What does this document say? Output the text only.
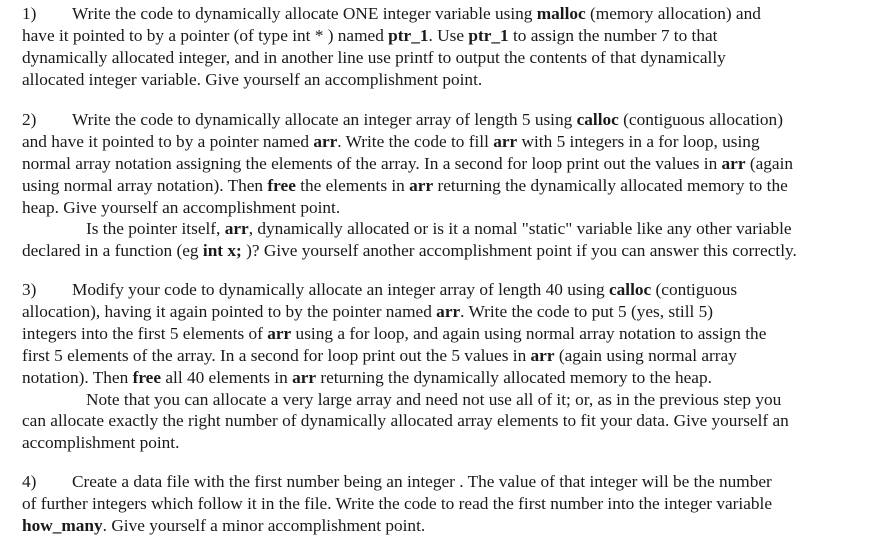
1) Write the code to dynamically allocate ONE integer variable using malloc (memory allocation) and
have it pointed to by a pointer (of type int * ) named ptr_1. Use ptr_1 to assign the number 7 to that
dynamically allocated integer, and in another line use printf to output the contents of that dynamically
allocated integer variable. Give yourself an accomplishment point.
2) Write the code to dynamically allocate an integer array of length 5 using calloc (contiguous allocation)
and have it pointed to by a pointer named arr. Write the code to fill arr with 5 integers in a for loop, using
normal array notation assigning the elements of the array. In a second for loop print out the values in arr (again
using normal array notation). Then free the elements in arr returning the dynamically allocated memory to the
heap. Give yourself an accomplishment point.
Is the pointer itself, arr, dynamically allocated or is it a nomal "static" variable like any other variable
declared in a function (eg int x; )? Give yourself another accomplishment point if you can answer this correctly.
3) Modify your code to dynamically allocate an integer array of length 40 using calloc (contiguous
allocation), having it again pointed to by the pointer named arr. Write the code to put 5 (yes, still 5)
integers into the first 5 elements of arr using a for loop, and again using normal array notation to assign the
first 5 elements of the array. In a second for loop print out the 5 values in arr (again using normal array
notation). Then free all 40 elements in arr returning the dynamically allocated memory to the heap.
Note that you can allocate a very large array and need not use all of it; or, as in the previous step you
can allocate exactly the right number of dynamically allocated array elements to fit your data. Give yourself an
accomplishment point.
4) Create a data file with the first number being an integer . The value of that integer will be the number
of further integers which follow it in the file. Write the code to read the first number into the integer variable
how_many. Give yourself a minor accomplishment point.
